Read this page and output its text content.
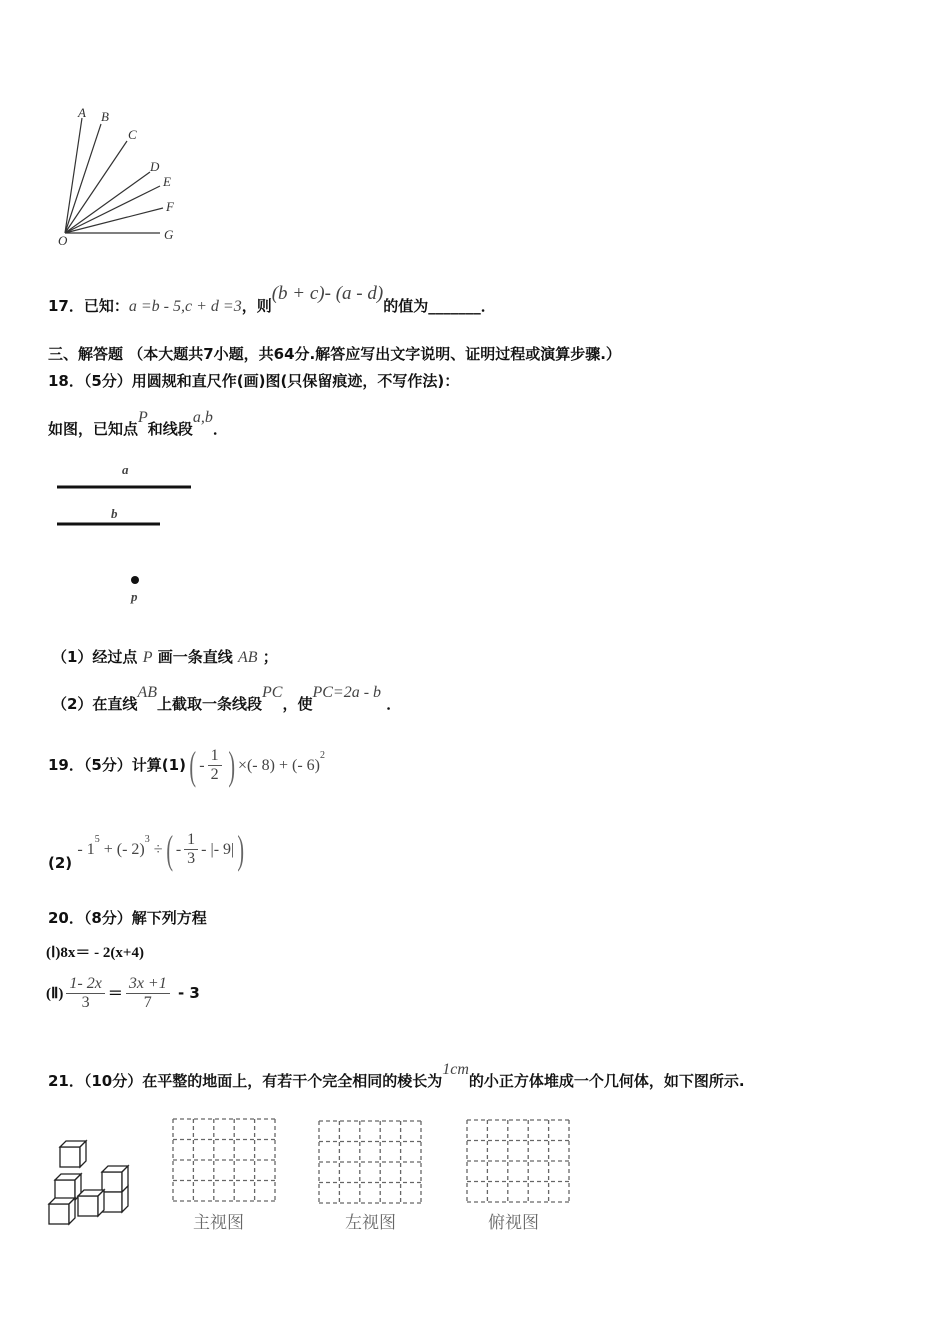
A B
C
D
E
F
G
O
17．已知：a =b - 5,c + d =3，则(b + c)- (a - d)的值为_______．
三、解答题 （本大题共7小题，共64分.解答应写出文字说明、证明过程或演算步骤.）
18．（5分）用圆规和直尺作(画)图(只保留痕迹，不写作法)：
如图，已知点P和线段a,b．
a
b
p
（1）经过点 P 画一条直线 AB ；
（2）在直线AB上截取一条线段PC，使PC=2a - b ．
19．（5分）计算$(1)( - \frac{1}{2}$ ) ×(- 8) + (- 6)$^2$
$(2) - 1^5$ + (- 2)$^3$ ÷( - $\frac{1}{3}$ - |- 9|)
20．（8分）解下列方程
(Ⅰ)8x＝ - 2(x+4)
(Ⅱ) $\frac{1- 2x}{3} = \frac{3x +1}{7} - 3$
21．（10分）在平整的地面上，有若干个完全相同的棱长为1cm的小正方体堆成一个几何体，如下图所示.
主视图	左视图	俯视图
